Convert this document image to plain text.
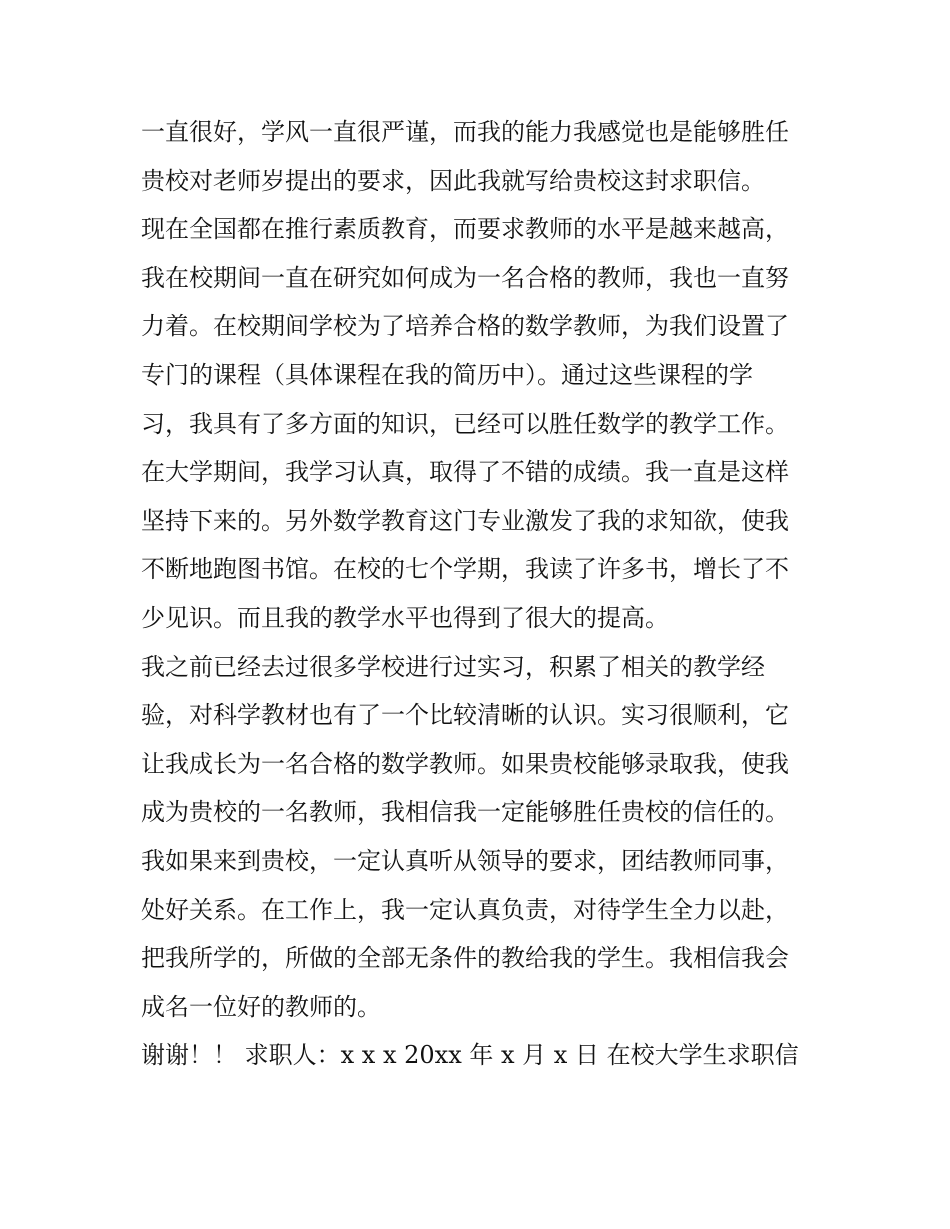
一直很好，学风一直很严谨，而我的能力我感觉也是能够胜任
贵校对老师岁提出的要求，因此我就写给贵校这封求职信。
现在全国都在推行素质教育，而要求教师的水平是越来越高，
我在校期间一直在研究如何成为一名合格的教师，我也一直努
力着。在校期间学校为了培养合格的数学教师，为我们设置了
专门的课程（具体课程在我的简历中）。通过这些课程的学
习，我具有了多方面的知识，已经可以胜任数学的教学工作。
在大学期间，我学习认真，取得了不错的成绩。我一直是这样
坚持下来的。另外数学教育这门专业激发了我的求知欲，使我
不断地跑图书馆。在校的七个学期，我读了许多书，增长了不
少见识。而且我的教学水平也得到了很大的提高。
我之前已经去过很多学校进行过实习，积累了相关的教学经
验，对科学教材也有了一个比较清晰的认识。实习很顺利，它
让我成长为一名合格的数学教师。如果贵校能够录取我，使我
成为贵校的一名教师，我相信我一定能够胜任贵校的信任的。
我如果来到贵校，一定认真听从领导的要求，团结教师同事，
处好关系。在工作上，我一定认真负责，对待学生全力以赴，
把我所学的，所做的全部无条件的教给我的学生。我相信我会
成名一位好的教师的。
谢谢！！ 求职人：x x x 20xx 年 x 月 x 日 在校大学生求职信
